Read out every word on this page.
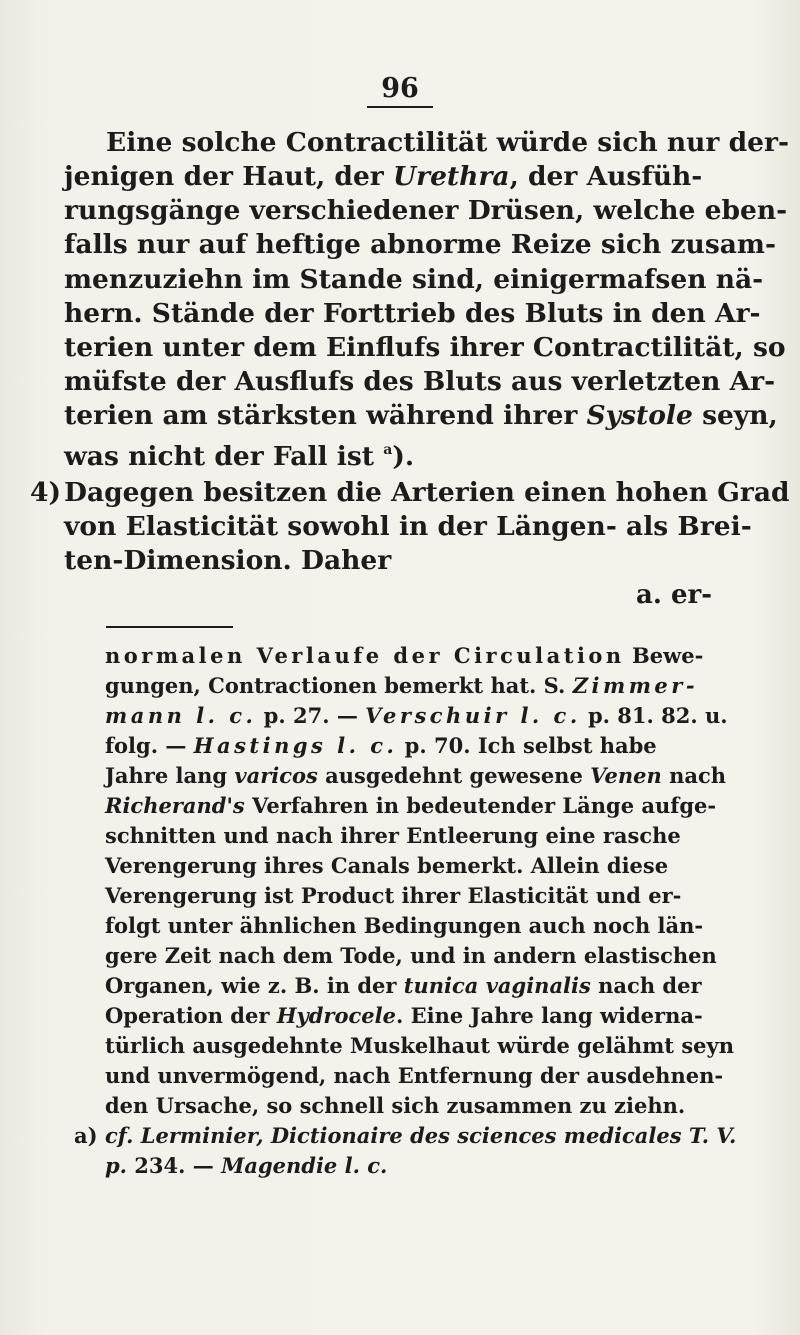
96
Eine solche Contractilität würde sich nur der-
jenigen der Haut, der Urethra, der Ausfüh-
rungsgänge verschiedener Drüsen, welche eben-
falls nur auf heftige abnorme Reize sich zusam-
menzuziehn im Stande sind, einigermafsen nä-
hern. Stände der Forttrieb des Bluts in den Ar-
terien unter dem Einflufs ihrer Contractilität, so
müfste der Ausflufs des Bluts aus verletzten Ar-
terien am stärksten während ihrer Systole seyn,
was nicht der Fall ist $^a$).
4) Dagegen besitzen die Arterien einen hohen Grad
von Elasticität sowohl in der Längen- als Brei-
ten-Dimension. Daher
a. er-
normalen Verlaufe der Circulation Bewe-
gungen, Contractionen bemerkt hat. S. Zimmer-
mann l. c. p. 27. — Verschuir l. c. p. 81. 82. u.
folg. — Hastings l. c. p. 70. Ich selbst habe
Jahre lang varicos ausgedehnt gewesene Venen nach
Richerand's Verfahren in bedeutender Länge aufge-
schnitten und nach ihrer Entleerung eine rasche
Verengerung ihres Canals bemerkt. Allein diese
Verengerung ist Product ihrer Elasticität und er-
folgt unter ähnlichen Bedingungen auch noch län-
gere Zeit nach dem Tode, und in andern elastischen
Organen, wie z. B. in der tunica vaginalis nach der
Operation der Hydrocele. Eine Jahre lang widerna-
türlich ausgedehnte Muskelhaut würde gelähmt seyn
und unvermögend, nach Entfernung der ausdehnen-
den Ursache, so schnell sich zusammen zu ziehn.
a) cf. Lerminier, Dictionaire des sciences medicales T. V.
p. 234. — Magendie l. c.
